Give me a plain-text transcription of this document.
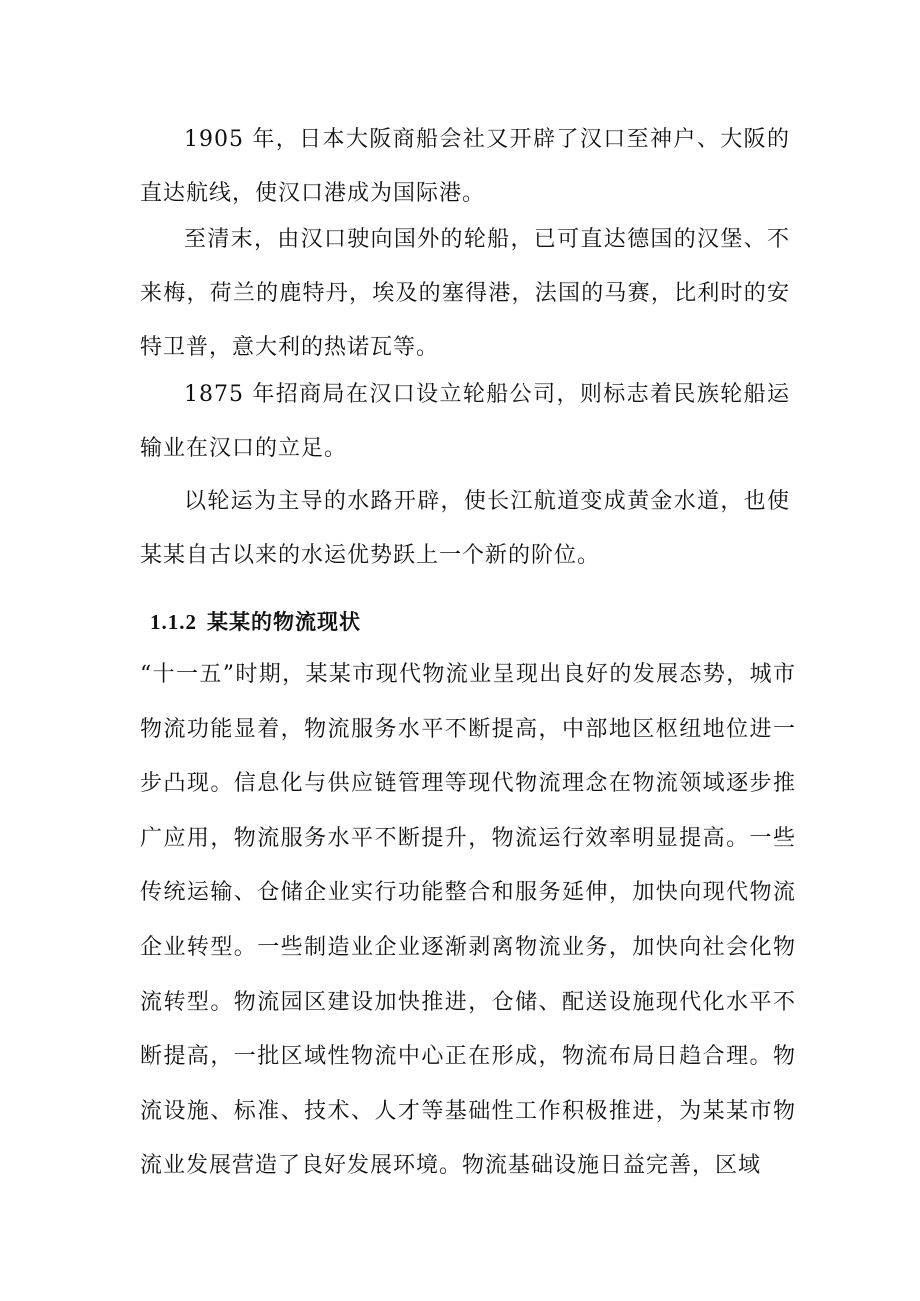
1905 年，日本大阪商船会社又开辟了汉口至神户、大阪的直达航线，使汉口港成为国际港。

至清末，由汉口驶向国外的轮船，已可直达德国的汉堡、不来梅，荷兰的鹿特丹，埃及的塞得港，法国的马赛，比利时的安特卫普，意大利的热诺瓦等。

1875 年招商局在汉口设立轮船公司，则标志着民族轮船运输业在汉口的立足。

以轮运为主导的水路开辟，使长江航道变成黄金水道，也使某某自古以来的水运优势跃上一个新的阶位。

1.1.2 某某的物流现状

“十一五”时期，某某市现代物流业呈现出良好的发展态势，城市物流功能显着，物流服务水平不断提高，中部地区枢纽地位进一步凸现。信息化与供应链管理等现代物流理念在物流领域逐步推广应用，物流服务水平不断提升，物流运行效率明显提高。一些传统运输、仓储企业实行功能整合和服务延伸，加快向现代物流企业转型。一些制造业企业逐渐剥离物流业务，加快向社会化物流转型。物流园区建设加快推进，仓储、配送设施现代化水平不断提高，一批区域性物流中心正在形成，物流布局日趋合理。物流设施、标准、技术、人才等基础性工作积极推进，为某某市物流业发展营造了良好发展环境。物流基础设施日益完善，区域
